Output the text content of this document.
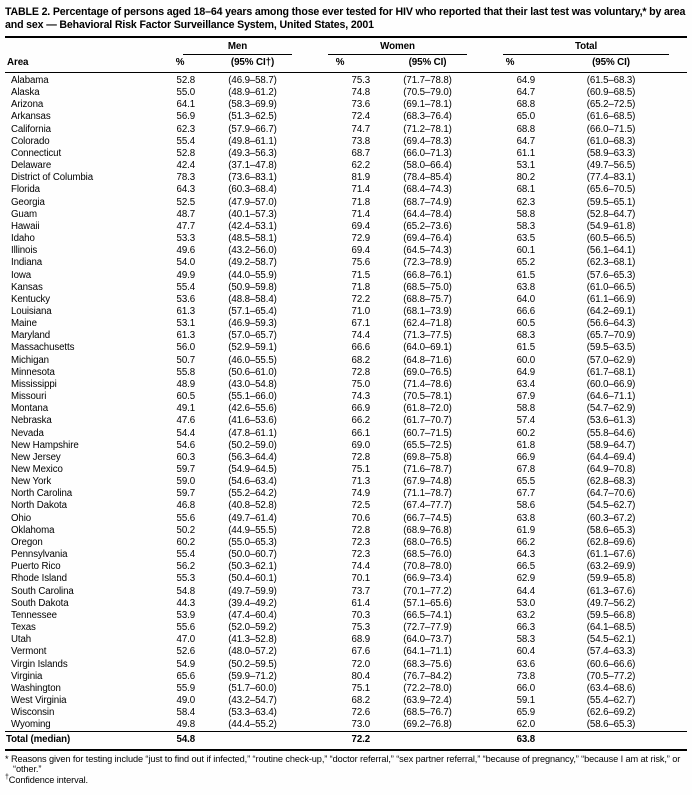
TABLE 2. Percentage of persons aged 18–64 years among those ever tested for HIV who reported that their last test was voluntary,* by area and sex — Behavioral Risk Factor Surveillance System, United States, 2001

	Men		Women		Total	

Area	%	(95% CI†)	%	(95% CI)	%	(95% CI)
Alabama	52.8	(46.9–58.7)	75.3	(71.7–78.8)	64.9	(61.5–68.3)
Alaska	55.0	(48.9–61.2)	74.8	(70.5–79.0)	64.7	(60.9–68.5)
Arizona	64.1	(58.3–69.9)	73.6	(69.1–78.1)	68.8	(65.2–72.5)
Arkansas	56.9	(51.3–62.5)	72.4	(68.3–76.4)	65.0	(61.6–68.5)
California	62.3	(57.9–66.7)	74.7	(71.2–78.1)	68.8	(66.0–71.5)
Colorado	55.4	(49.8–61.1)	73.8	(69.4–78.3)	64.7	(61.0–68.3)
Connecticut	52.8	(49.3–56.3)	68.7	(66.0–71.3)	61.1	(58.9–63.3)
Delaware	42.4	(37.1–47.8)	62.2	(58.0–66.4)	53.1	(49.7–56.5)
District of Columbia	78.3	(73.6–83.1)	81.9	(78.4–85.4)	80.2	(77.4–83.1)
Florida	64.3	(60.3–68.4)	71.4	(68.4–74.3)	68.1	(65.6–70.5)
Georgia	52.5	(47.9–57.0)	71.8	(68.7–74.9)	62.3	(59.5–65.1)
Guam	48.7	(40.1–57.3)	71.4	(64.4–78.4)	58.8	(52.8–64.7)
Hawaii	47.7	(42.4–53.1)	69.4	(65.2–73.6)	58.3	(54.9–61.8)
Idaho	53.3	(48.5–58.1)	72.9	(69.4–76.4)	63.5	(60.5–66.5)
Illinois	49.6	(43.2–56.0)	69.4	(64.5–74.3)	60.1	(56.1–64.1)
Indiana	54.0	(49.2–58.7)	75.6	(72.3–78.9)	65.2	(62.3–68.1)
Iowa	49.9	(44.0–55.9)	71.5	(66.8–76.1)	61.5	(57.6–65.3)
Kansas	55.4	(50.9–59.8)	71.8	(68.5–75.0)	63.8	(61.0–66.5)
Kentucky	53.6	(48.8–58.4)	72.2	(68.8–75.7)	64.0	(61.1–66.9)
Louisiana	61.3	(57.1–65.4)	71.0	(68.1–73.9)	66.6	(64.2–69.1)
Maine	53.1	(46.9–59.3)	67.1	(62.4–71.8)	60.5	(56.6–64.3)
Maryland	61.3	(57.0–65.7)	74.4	(71.3–77.5)	68.3	(65.7–70.9)
Massachusetts	56.0	(52.9–59.1)	66.6	(64.0–69.1)	61.5	(59.5–63.5)
Michigan	50.7	(46.0–55.5)	68.2	(64.8–71.6)	60.0	(57.0–62.9)
Minnesota	55.8	(50.6–61.0)	72.8	(69.0–76.5)	64.9	(61.7–68.1)
Mississippi	48.9	(43.0–54.8)	75.0	(71.4–78.6)	63.4	(60.0–66.9)
Missouri	60.5	(55.1–66.0)	74.3	(70.5–78.1)	67.9	(64.6–71.1)
Montana	49.1	(42.6–55.6)	66.9	(61.8–72.0)	58.8	(54.7–62.9)
Nebraska	47.6	(41.6–53.6)	66.2	(61.7–70.7)	57.4	(53.6–61.3)
Nevada	54.4	(47.8–61.1)	66.1	(60.7–71.5)	60.2	(55.8–64.6)
New Hampshire	54.6	(50.2–59.0)	69.0	(65.5–72.5)	61.8	(58.9–64.7)
New Jersey	60.3	(56.3–64.4)	72.8	(69.8–75.8)	66.9	(64.4–69.4)
New Mexico	59.7	(54.9–64.5)	75.1	(71.6–78.7)	67.8	(64.9–70.8)
New York	59.0	(54.6–63.4)	71.3	(67.9–74.8)	65.5	(62.8–68.3)
North Carolina	59.7	(55.2–64.2)	74.9	(71.1–78.7)	67.7	(64.7–70.6)
North Dakota	46.8	(40.8–52.8)	72.5	(67.4–77.7)	58.6	(54.5–62.7)
Ohio	55.6	(49.7–61.4)	70.6	(66.7–74.5)	63.8	(60.3–67.2)
Oklahoma	50.2	(44.9–55.5)	72.8	(68.9–76.8)	61.9	(58.6–65.3)
Oregon	60.2	(55.0–65.3)	72.3	(68.0–76.5)	66.2	(62.8–69.6)
Pennsylvania	55.4	(50.0–60.7)	72.3	(68.5–76.0)	64.3	(61.1–67.6)
Puerto Rico	56.2	(50.3–62.1)	74.4	(70.8–78.0)	66.5	(63.2–69.9)
Rhode Island	55.3	(50.4–60.1)	70.1	(66.9–73.4)	62.9	(59.9–65.8)
South Carolina	54.8	(49.7–59.9)	73.7	(70.1–77.2)	64.4	(61.3–67.6)
South Dakota	44.3	(39.4–49.2)	61.4	(57.1–65.6)	53.0	(49.7–56.2)
Tennessee	53.9	(47.4–60.4)	70.3	(66.5–74.1)	63.2	(59.5–66.8)
Texas	55.6	(52.0–59.2)	75.3	(72.7–77.9)	66.3	(64.1–68.5)
Utah	47.0	(41.3–52.8)	68.9	(64.0–73.7)	58.3	(54.5–62.1)
Vermont	52.6	(48.0–57.2)	67.6	(64.1–71.1)	60.4	(57.4–63.3)
Virgin Islands	54.9	(50.2–59.5)	72.0	(68.3–75.6)	63.6	(60.6–66.6)
Virginia	65.6	(59.9–71.2)	80.4	(76.7–84.2)	73.8	(70.5–77.2)
Washington	55.9	(51.7–60.0)	75.1	(72.2–78.0)	66.0	(63.4–68.6)
West Virginia	49.0	(43.2–54.7)	68.2	(63.9–72.4)	59.1	(55.4–62.7)
Wisconsin	58.4	(53.3–63.4)	72.6	(68.5–76.7)	65.9	(62.6–69.2)
Wyoming	49.8	(44.4–55.2)	73.0	(69.2–76.8)	62.0	(58.6–65.3)
Total (median)	54.8		72.2		63.8	
* Reasons given for testing include “just to find out if infected,” “routine check-up,” “doctor referral,” “sex partner referral,” “because of pregnancy,” “because I am at risk,” or “other.”
†Confidence interval.
